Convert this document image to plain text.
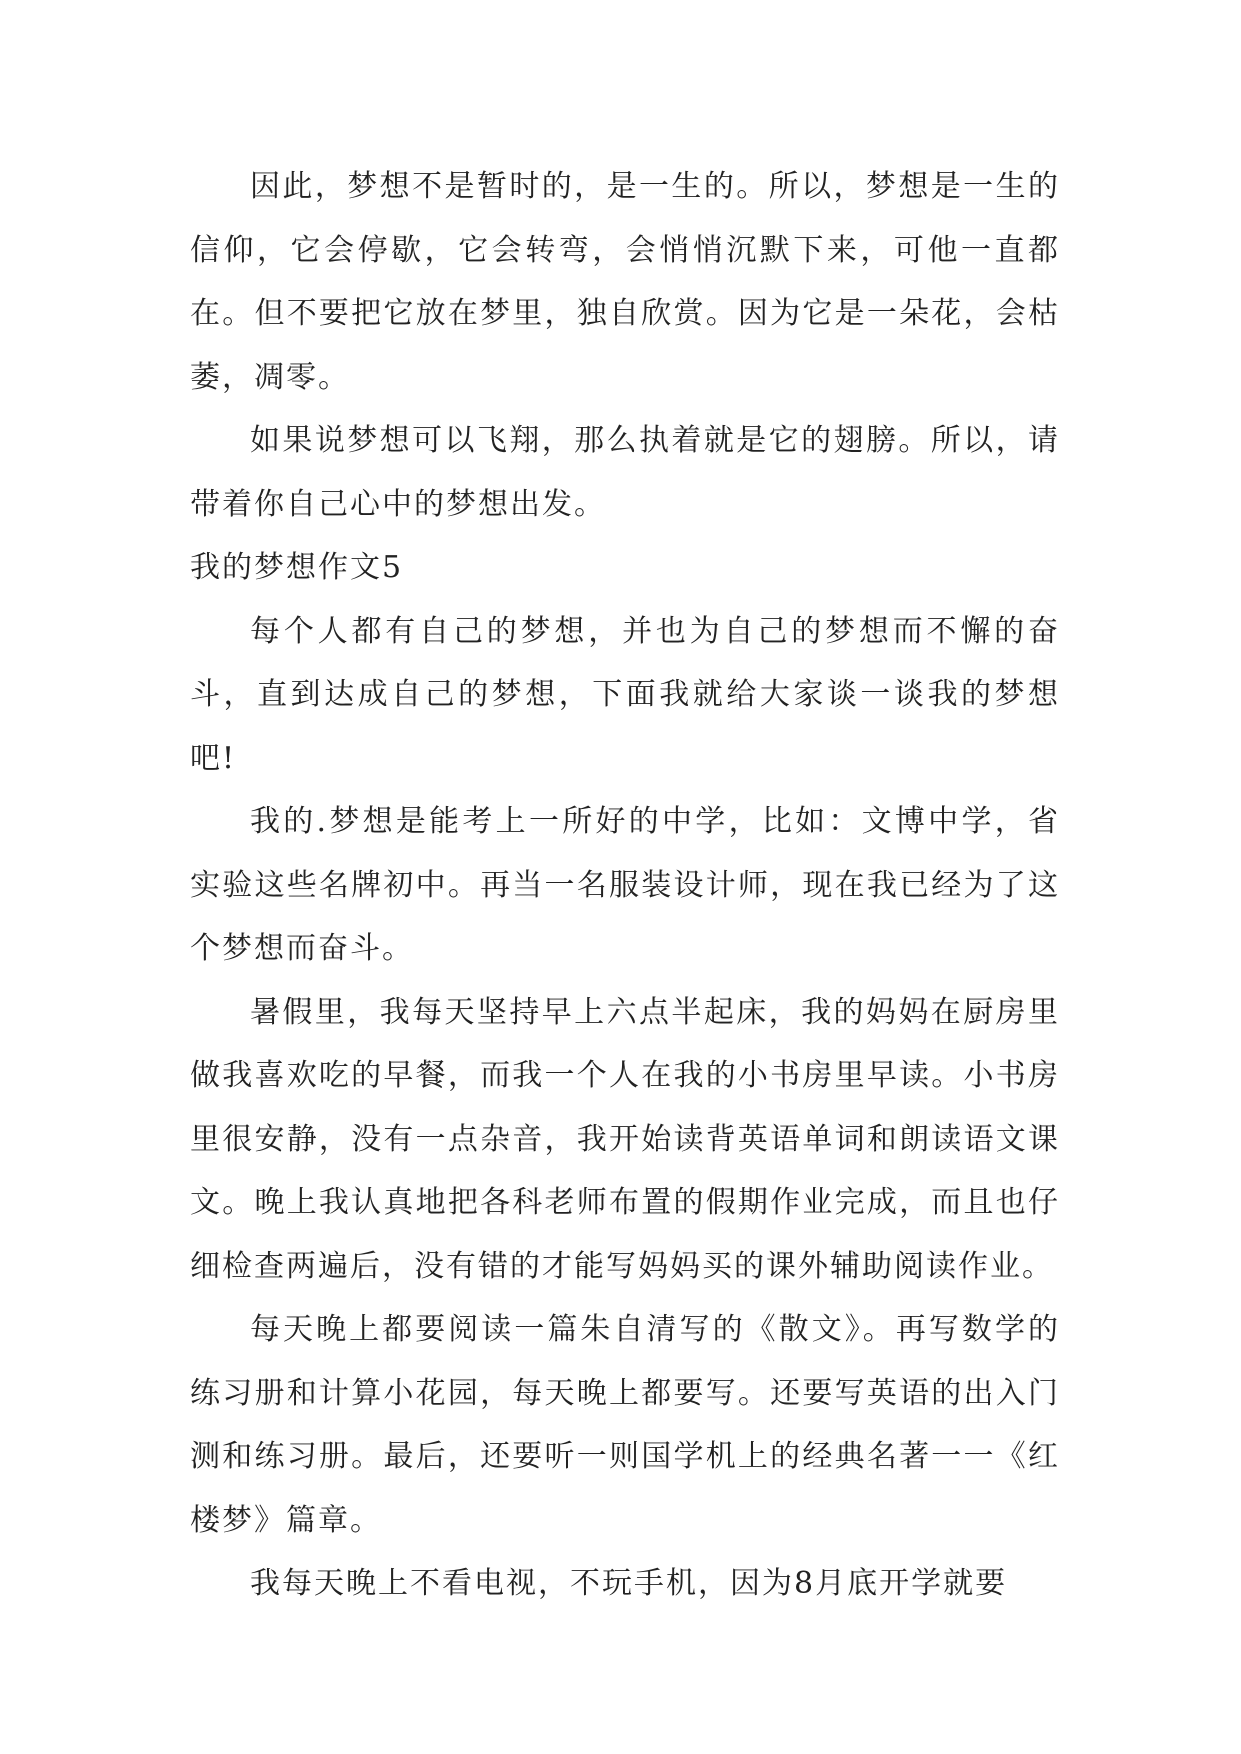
因此，梦想不是暂时的，是一生的。所以，梦想是一生的信仰，它会停歇，它会转弯，会悄悄沉默下来，可他一直都在。但不要把它放在梦里，独自欣赏。因为它是一朵花，会枯萎，凋零。

如果说梦想可以飞翔，那么执着就是它的翅膀。所以，请带着你自己心中的梦想出发。

我的梦想作文5

每个人都有自己的梦想，并也为自己的梦想而不懈的奋斗，直到达成自己的梦想，下面我就给大家谈一谈我的梦想吧!

我的.梦想是能考上一所好的中学，比如：文博中学，省实验这些名牌初中。再当一名服装设计师，现在我已经为了这个梦想而奋斗。

暑假里，我每天坚持早上六点半起床，我的妈妈在厨房里做我喜欢吃的早餐，而我一个人在我的小书房里早读。小书房里很安静，没有一点杂音，我开始读背英语单词和朗读语文课文。晚上我认真地把各科老师布置的假期作业完成，而且也仔细检查两遍后，没有错的才能写妈妈买的课外辅助阅读作业。

每天晚上都要阅读一篇朱自清写的《散文》。再写数学的练习册和计算小花园，每天晚上都要写。还要写英语的出入门测和练习册。最后，还要听一则国学机上的经典名著一一《红楼梦》篇章。

我每天晚上不看电视，不玩手机，因为8月底开学就要
